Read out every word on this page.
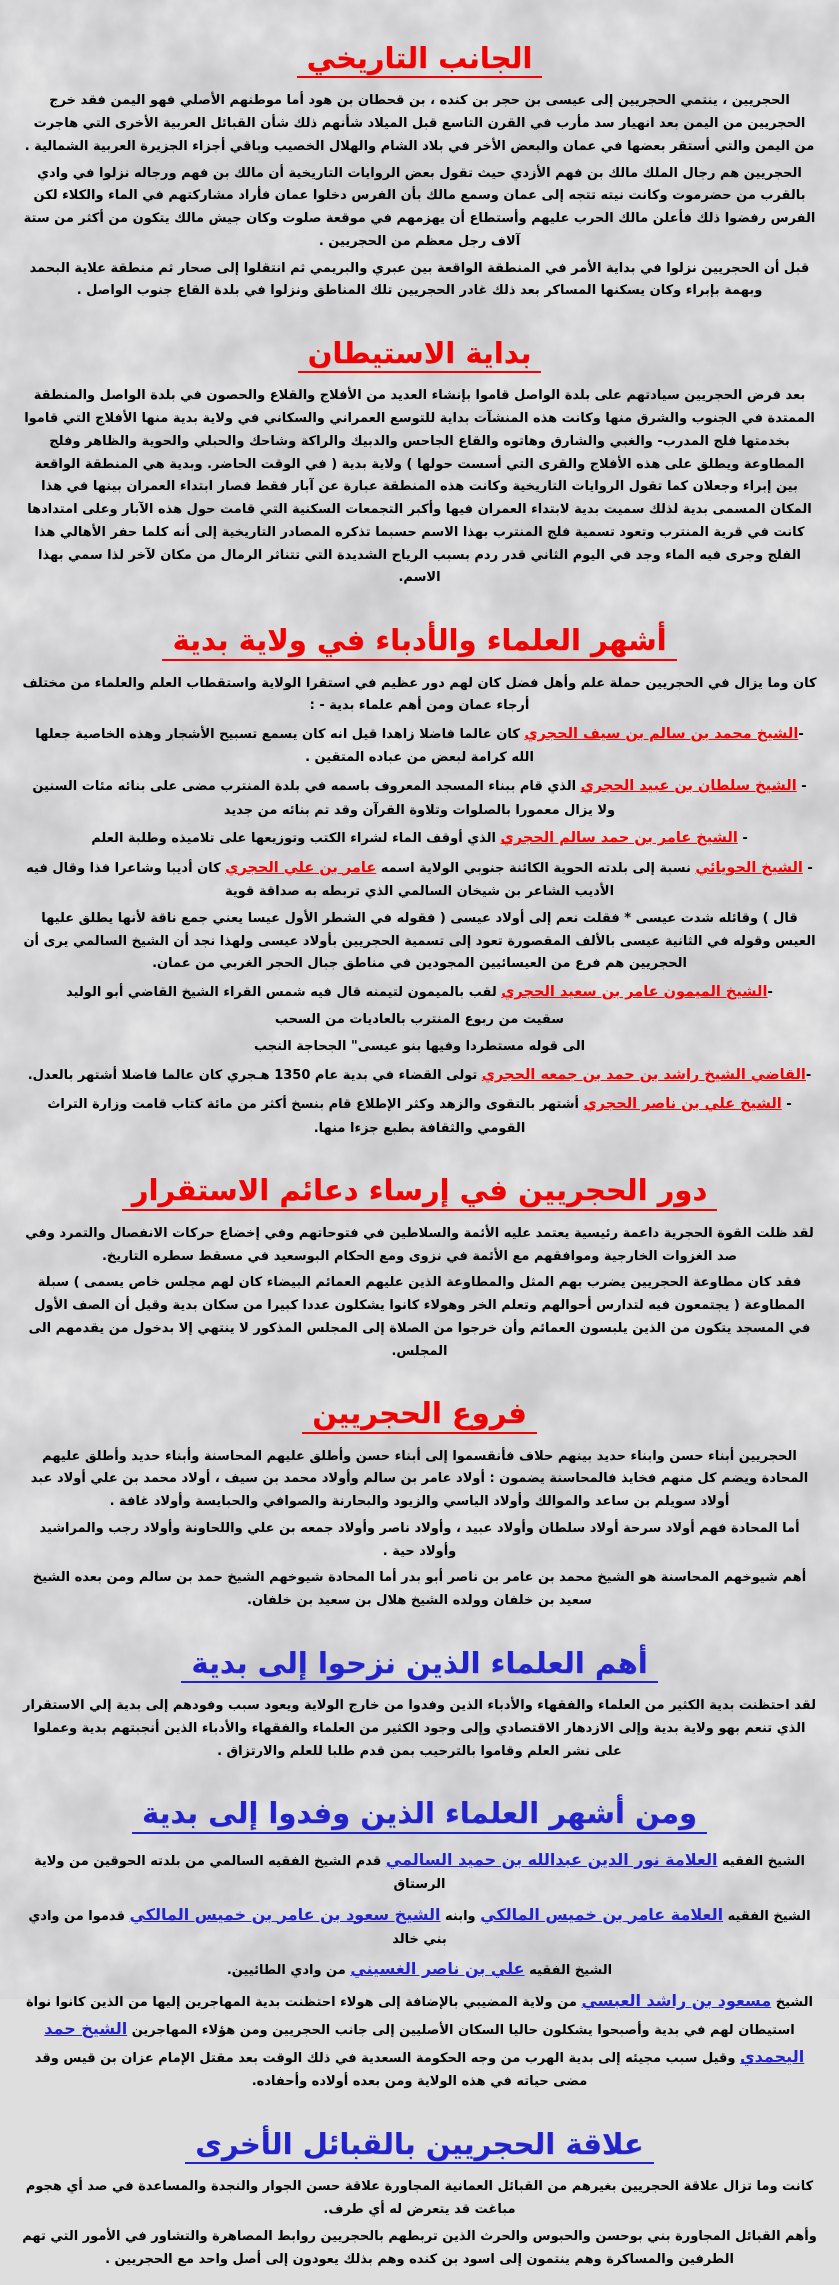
الجانب التاريخي
الحجريين ، ينتمي الحجريين إلى عيسى بن حجر بن كنده ، بن قحطان بن هود أما موطنهم الأصلي فهو اليمن فقد خرج الحجريين من اليمن بعد انهيار سد مأرب في القرن التاسع قبل الميلاد شأنهم ذلك شأن القبائل العربية الأخرى التي هاجرت من اليمن والتي أستقر بعضها في عمان والبعض الأخر في بلاد الشام والهلال الخصيب وباقي أجزاء الجزيرة العربية الشمالية .
الحجريين هم رجال الملك مالك بن فهم الأزدي حيث تقول بعض الروايات التاريخية أن مالك بن فهم ورجاله نزلوا في وادي بالقرب من حضرموت وكانت نيته تتجه إلى عمان وسمع مالك بأن الفرس دخلوا عمان فأراد مشاركتهم في الماء والكلاء لكن الفرس رفضوا ذلك فأعلن مالك الحرب عليهم وأستطاع أن يهزمهم في موقعة صلوت وكان جيش مالك يتكون من أكثر من ستة آلاف رجل معظم من الحجريين .
قبل أن الحجريين نزلوا في بداية الأمر في المنطقة الواقعة بين عبري والبريمي ثم انتقلوا إلى صحار ثم منطقة علاية البحمد وبهمة بإبراء وكان يسكنها المساكر بعد ذلك غادر الحجريين تلك المناطق ونزلوا في بلدة القاع جنوب الواصل .
بداية الاستيطان
بعد فرض الحجريين سيادتهم على بلدة الواصل قاموا بإنشاء العديد من الأفلاج والقلاع والحصون في بلدة الواصل والمنطقة الممتدة في الجنوب والشرق منها وكانت هذه المنشآت بداية للتوسع العمراني والسكاني في ولاية بدية منها الأفلاج التي قاموا بخدمتها فلج المدرب- والغبي والشارق وهاتوه والقاع الجاحس والدبيك والراكة وشاحك والحبلي والحوية والظاهر وفلج المطاوعة ويطلق على هذه الأفلاج والقرى التي أسست حولها ) ولاية بدية ( في الوقت الحاضر. وبدية هي المنطقة الواقعة بين إبراء وجعلان كما تقول الروايات التاريخية وكانت هذه المنطقة عبارة عن آبار فقط فصار ابتداء العمران بينها في هذا المكان المسمى بدية لذلك سميت بدية لابتداء العمران فيها وأكبر التجمعات السكنية التي قامت حول هذه الآبار وعلى امتدادها كانت في قرية المنترب وتعود تسمية فلج المنترب بهذا الاسم حسبما تذكره المصادر التاريخية إلى أنه كلما حفر الأهالي هذا الفلج وجرى فيه الماء وجد في اليوم الثاني قدر ردم بسبب الرياح الشديدة التي تتناثر الرمال من مكان لآخر لذا سمي بهذا الاسم.
أشهر العلماء والأدباء في ولاية بدية
كان وما يزال في الحجريين حملة علم وأهل فضل كان لهم دور عظيم في استقرا الولاية واستقطاب العلم والعلماء من مختلف أرجاء عمان ومن أهم علماء بدية - :
-الشيخ محمد بن سالم بن سيف الحجري كان عالما فاضلا زاهدا قيل انه كان يسمع تسبيح الأشجار وهذه الخاصية جعلها الله كرامة لبعض من عباده المتقين .
- الشيخ سلطان بن عبيد الحجري الذي قام ببناء المسجد المعروف باسمه في بلدة المنترب مضى على بنائه مئات السنين ولا يزال معمورا بالصلوات وتلاوة القرآن وقد تم بنائه من جديد
- الشيخ عامر بن حمد سالم الحجري الذي أوقف الماء لشراء الكتب وتوزيعها على تلاميذه وطلبة العلم
- الشيخ الحويائي نسبة إلى بلدته الحوية الكائنة جنوبي الولاية اسمه عامر بن علي الحجري كان أديبا وشاعرا فذا وقال فيه الأديب الشاعر بن شيخان السالمي الذي تربطه به صداقة قوية
قال ) وقائله شدت عيسى * فقلت نعم إلى أولاد عيسى ( فقوله في الشطر الأول عيسا يعني جمع ناقة لأنها يطلق عليها العيس وقوله في الثانية عيسى بالألف المقصورة تعود إلى تسمية الحجريين بأولاد عيسى ولهذا نجد أن الشيخ السالمي يرى أن الحجريين هم فرع من العيسائيين المجودين في مناطق جبال الحجر الغربي من عمان.
-الشيخ الميمون عامر بن سعيد الحجري لقب بالميمون لتيمنه قال فيه شمس القراء الشيخ القاضي أبو الوليد
سقيت من ربوع المنترب بالعاديات من السحب
الى قوله مستطردا وفيها بنو عيسى" الجحاجة النجب
-القاضي الشيخ راشد بن حمد بن جمعه الحجري تولى القضاء في بدية عام 1350 هـجري كان عالما فاضلا أشتهر بالعدل.
- الشيخ علي بن ناصر الحجري أشتهر بالتقوى والزهد وكثر الإطلاع قام بنسخ أكثر من مائة كتاب قامت وزارة التراث القومي والثقافة بطبع جزءا منها.
دور الحجريين في إرساء دعائم الاستقرار
لقد ظلت القوة الحجرية داعمة رئيسية يعتمد عليه الأئمة والسلاطين في فتوحاتهم وفي إخضاع حركات الانفصال والتمرد وفي صد الغزوات الخارجية وموافقهم مع الأئمة في نزوى ومع الحكام البوسعيد في مسقط سطره التاريخ.
فقد كان مطاوعة الحجريين يضرب بهم المثل والمطاوعة الذين عليهم العمائم البيضاء كان لهم مجلس خاص يسمى ) سبلة المطاوعة ( يجتمعون فيه لتدارس أحوالهم وتعلم الخر وهولاء كانوا يشكلون عددا كبيرا من سكان بدية وقيل أن الصف الأول في المسجد يتكون من الذين يلبسون العمائم وأن خرجوا من الصلاة إلى المجلس المذكور لا ينتهي إلا بدخول من يقدمهم الى المجلس.
فروع الحجريين
الحجريين أبناء حسن وابناء حديد بينهم حلاف فأنقسموا إلى أبناء حسن وأطلق عليهم المحاسنة وأبناء حديد وأطلق عليهم المحادة ويضم كل منهم فخايذ فالمحاسنة يضمون : أولاد عامر بن سالم وأولاد محمد بن سيف ، أولاد محمد بن علي أولاد عبد أولاد سويلم بن ساعد والموالك وأولاد الياسي والزيود والبحارنة والصوافي والحبايسة وأولاد غافة .
أما المحادة فهم أولاد سرحة أولاد سلطان وأولاد عبيد ، وأولاد ناصر وأولاد جمعه بن علي واللحاونة وأولاد رجب والمراشيد وأولاد حية .
أهم شيوخهم المحاسنة هو الشيخ محمد بن عامر بن ناصر أبو بدر أما المحادة شيوخهم الشيخ حمد بن سالم ومن بعده الشيخ سعيد بن خلفان وولده الشيخ هلال بن سعيد بن خلفان.
أهم العلماء الذين نزحوا إلى بدية
لقد احتظنت بدية الكثير من العلماء والفقهاء والأدباء الذين وفدوا من خارج الولاية ويعود سبب وفودهم إلى بدية إلي الاستقرار الذي تنعم بهو ولاية بدية وإلى الازدهار الاقتصادي وإلى وجود الكثير من العلماء والفقهاء والأدباء الذين أنجبتهم بدية وعملوا على نشر العلم وقاموا بالترحيب بمن قدم طلبا للعلم والارتزاق .
ومن أشهر العلماء الذين وفدوا إلى بدية
الشيخ الفقيه العلامة نور الدين عبدالله بن حميد السالمي قدم الشيخ الفقيه السالمي من بلدته الحوقين من ولاية الرستاق
الشيخ الفقيه العلامة عامر بن خميس المالكي وابنه الشيخ سعود بن عامر بن خميس المالكي قدموا من وادي بني خالد
الشيخ الفقيه علي بن ناصر الغسيني من وادي الطائيين.
الشيخ مسعود بن راشد العبسي من ولاية المضيبي بالإضافة إلى هولاء احتظنت بدية المهاجرين إليها من الذين كانوا نواة استيطان لهم في بدية وأصبحوا يشكلون حاليا السكان الأصليين إلى جانب الحجريين ومن هؤلاء المهاجرين الشيخ حمد اليحمدي وقيل سبب مجيئه إلى بدية الهرب من وجه الحكومة السعدية في ذلك الوقت بعد مقتل الإمام عزان بن قيس وقد مضى حياته في هذه الولاية ومن بعده أولاده وأحفاده.
علاقة الحجريين بالقبائل الأخرى
كانت وما تزال علاقة الحجريين بغيرهم من القبائل العمانية المجاورة علاقة حسن الجوار والنجدة والمساعدة في صد أي هجوم مباغت قد يتعرض له أي طرف.
وأهم القبائل المجاورة بني بوحسن والحبوس والحرث الذين تربطهم بالحجريين روابط المصاهرة والتشاور في الأمور التي تهم الطرفين والمساكرة وهم ينتمون إلى اسود بن كنده وهم بذلك يعودون إلى أصل واحد مع الحجريين .
